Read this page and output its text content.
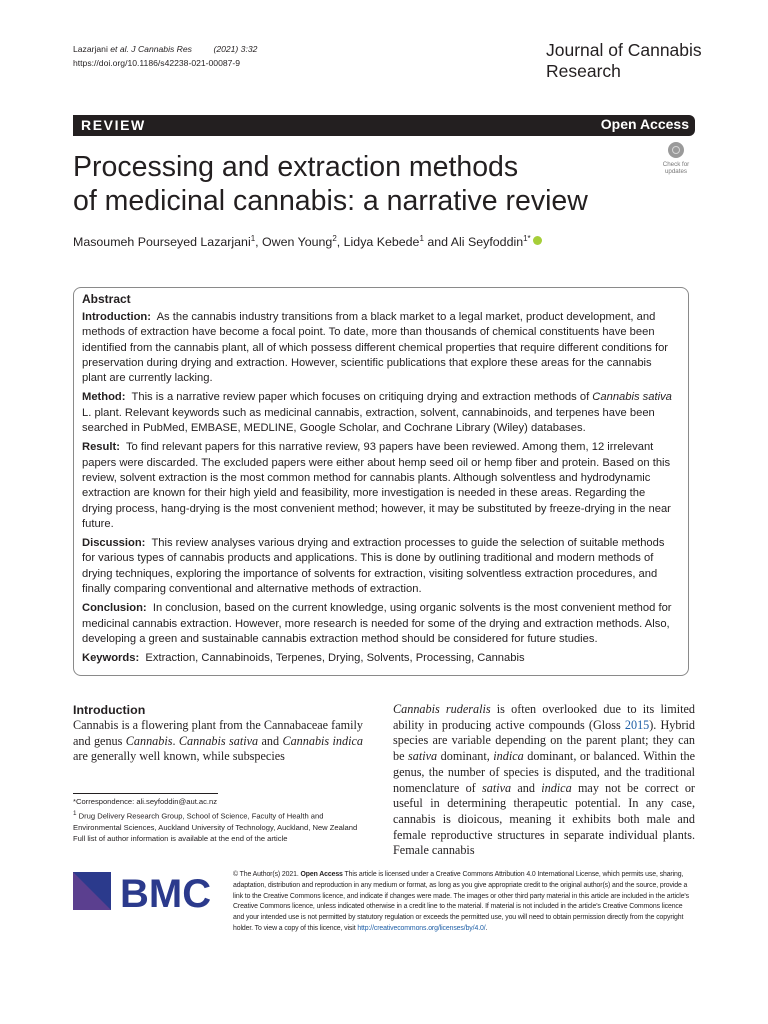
Lazarjani et al. J Cannabis Res	(2021) 3:32
https://doi.org/10.1186/s42238-021-00087-9
Journal of Cannabis
Research
REVIEW	Open Access
Processing and extraction methods
of medicinal cannabis: a narrative review
Check for
updates
Masoumeh Pourseyed Lazarjani$^1$, Owen Young$^2$, Lidya Kebede$^1$ and Ali Seyfoddin$^{1*}$
Abstract

Introduction: As the cannabis industry transitions from a black market to a legal market, product development, and methods of extraction have become a focal point. To date, more than thousands of chemical constituents have been identified from the cannabis plant, all of which possess different chemical properties that require different conditions for preservation during drying and extraction. However, scientific publications that explore these areas for the cannabis plant are currently lacking.

Method: This is a narrative review paper which focuses on critiquing drying and extraction methods of Cannabis sativa L. plant. Relevant keywords such as medicinal cannabis, extraction, solvent, cannabinoids, and terpenes have been searched in PubMed, EMBASE, MEDLINE, Google Scholar, and Cochrane Library (Wiley) databases.

Result: To find relevant papers for this narrative review, 93 papers have been reviewed. Among them, 12 irrelevant papers were discarded. The excluded papers were either about hemp seed oil or hemp fiber and protein. Based on this review, solvent extraction is the most common method for cannabis plants. Although solventless and hydrodynamic extraction are known for their high yield and feasibility, more investigation is needed in these areas. Regarding the drying process, hang-drying is the most convenient method; however, it may be substituted by freeze-drying in the near future.

Discussion: This review analyses various drying and extraction processes to guide the selection of suitable methods for various types of cannabis products and applications. This is done by outlining traditional and modern methods of drying techniques, exploring the importance of solvents for extraction, visiting solventless extraction procedures, and finally comparing conventional and alternative methods of extraction.

Conclusion: In conclusion, based on the current knowledge, using organic solvents is the most convenient method for medicinal cannabis extraction. However, more research is needed for some of the drying and extraction methods. Also, developing a green and sustainable cannabis extraction method should be considered for future studies.

Keywords: Extraction, Cannabinoids, Terpenes, Drying, Solvents, Processing, Cannabis

Introduction

Cannabis is a flowering plant from the Cannabaceae family and genus Cannabis. Cannabis sativa and Cannabis indica are generally well known, while subspecies

*Correspondence: ali.seyfoddin@aut.ac.nz

$^1$ Drug Delivery Research Group, School of Science, Faculty of Health and Environmental Sciences, Auckland University of Technology, Auckland, New Zealand

Full list of author information is available at the end of the article

Cannabis ruderalis is often overlooked due to its limited ability in producing active compounds (Gloss 2015). Hybrid species are variable depending on the parent plant; they can be sativa dominant, indica dominant, or balanced. Within the genus, the number of species is disputed, and the traditional nomenclature of sativa and indica may not be correct or useful in determining therapeutic potential. In any case, cannabis is dioicous, meaning it exhibits both male and female reproductive structures in separate individual plants. Female cannabis

BMC	© The Author(s) 2021. Open Access This article is licensed under a Creative Commons Attribution 4.0 International License, which permits use, sharing, adaptation, distribution and reproduction in any medium or format, as long as you give appropriate credit to the original author(s) and the source, provide a link to the Creative Commons licence, and indicate if changes were made. The images or other third party material in this article are included in the article's Creative Commons licence, unless indicated otherwise in a credit line to the material. If material is not included in the article's Creative Commons licence and your intended use is not permitted by statutory regulation or exceeds the permitted use, you will need to obtain permission directly from the copyright holder. To view a copy of this licence, visit http://creativecommons.org/licenses/by/4.0/.
